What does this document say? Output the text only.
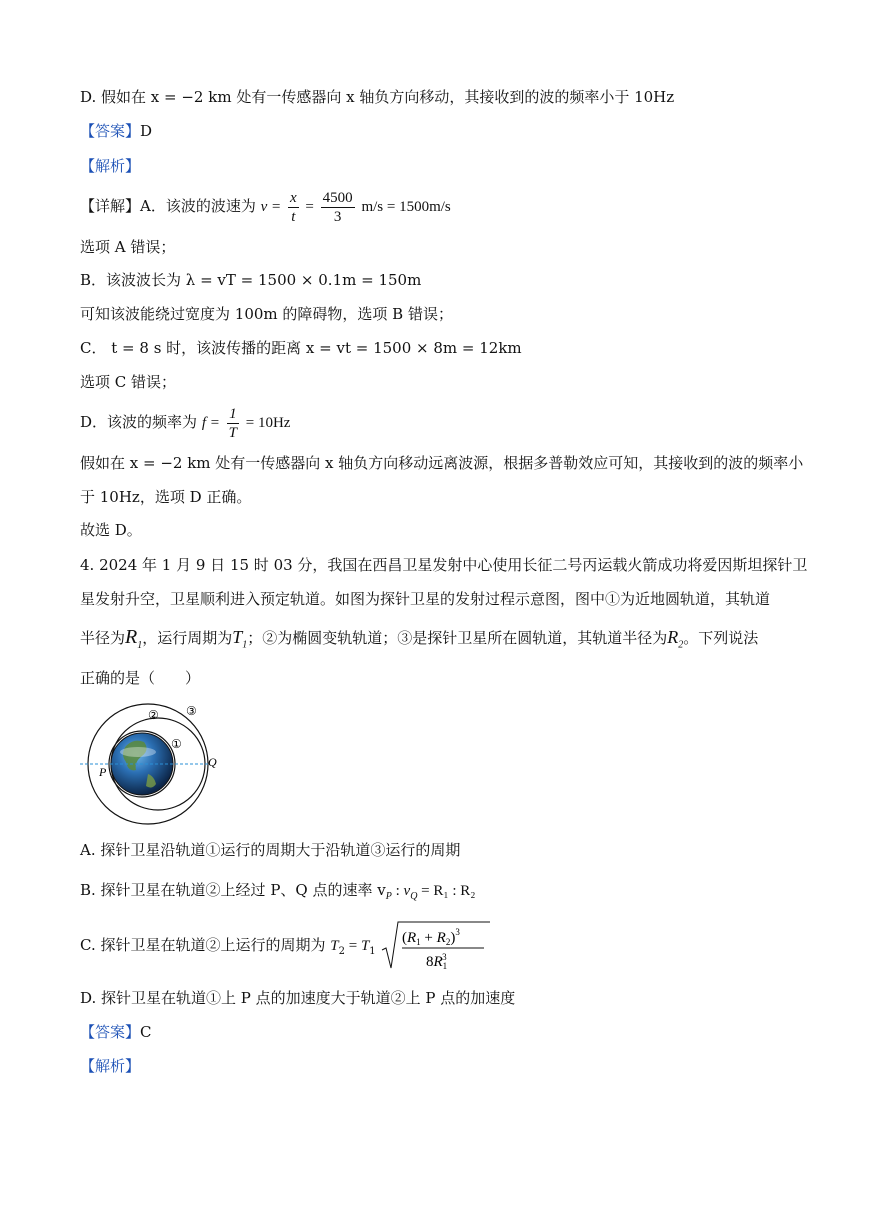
D. 假如在 x = −2 km 处有一传感器向 x 轴负方向移动，其接收到的波的频率小于 10Hz
【答案】D
【解析】
【详解】A．该波的波速为 $v = \frac{x}{t} = \frac{4500}{3} m/s = 1500m/s$
选项 A 错误；
B．该波波长为 λ = vT = 1500 × 0.1m = 150m
可知该波能绕过宽度为 100m 的障碍物，选项 B 错误；
C． t = 8 s 时，该波传播的距离 x = vt = 1500 × 8m = 12km
选项 C 错误；
D．该波的频率为 $f = \frac{1}{T} = 10Hz$
假如在 x = −2 km 处有一传感器向 x 轴负方向移动远离波源，根据多普勒效应可知，其接收到的波的频率小
于 10Hz，选项 D 正确。
故选 D。
4. 2024 年 1 月 9 日 15 时 03 分，我国在西昌卫星发射中心使用长征二号丙运载火箭成功将爱因斯坦探针卫
星发射升空，卫星顺利进入预定轨道。如图为探针卫星的发射过程示意图，图中①为近地圆轨道，其轨道
半径为$R_1$，运行周期为$T_1$；②为椭圆变轨轨道；③是探针卫星所在圆轨道，其轨道半径为$R_2$。下列说法
正确的是（　　）
② ③
①
P
Q
A. 探针卫星沿轨道①运行的周期大于沿轨道③运行的周期
B. 探针卫星在轨道②上经过 P、Q 点的速率 $v_P$ : $v_Q = R_1$ : R₂
C. 探针卫星在轨道②上运行的周期为 $T_2 = T_1$
$(R_1 + R_2)^3$
$8R_13$
D. 探针卫星在轨道①上 P 点的加速度大于轨道②上 P 点的加速度
【答案】C
【解析】
